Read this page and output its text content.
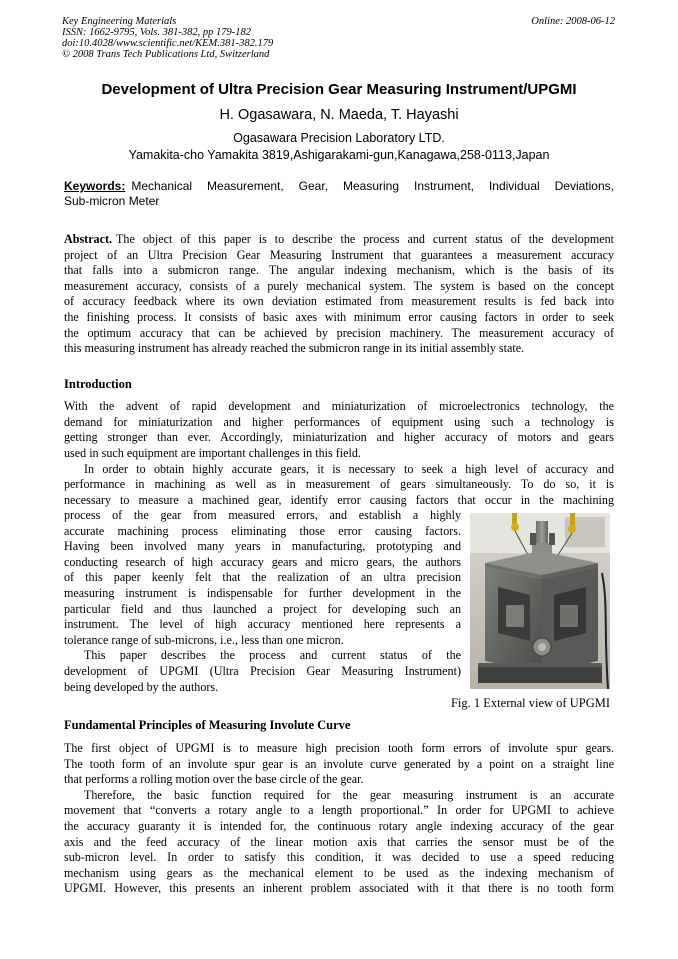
Key Engineering Materials
ISSN: 1662-9795, Vols. 381-382, pp 179-182
doi:10.4028/www.scientific.net/KEM.381-382.179
© 2008 Trans Tech Publications Ltd, Switzerland
Online: 2008-06-12
Development of Ultra Precision Gear Measuring Instrument/UPGMI
H. Ogasawara, N. Maeda, T. Hayashi
Ogasawara Precision Laboratory LTD.
Yamakita-cho Yamakita 3819,Ashigarakami-gun,Kanagawa,258-0113,Japan
Keywords: Mechanical Measurement, Gear, Measuring Instrument, Individual Deviations,
Sub-micron Meter
Abstract. The object of this paper is to describe the process and current status of the development
project of an Ultra Precision Gear Measuring Instrument that guarantees a measurement accuracy
that falls into a submicron range. The angular indexing mechanism, which is the basis of its
measurement accuracy, consists of a purely mechanical system. The system is based on the concept
of accuracy feedback where its own deviation estimated from measurement results is fed back into
the finishing process. It consists of basic axes with minimum error causing factors in order to seek
the optimum accuracy that can be achieved by precision machinery. The measurement accuracy of
this measuring instrument has already reached the submicron range in its initial assembly state.
Introduction
With the advent of rapid development and miniaturization of microelectronics technology, the
demand for miniaturization and higher performances of equipment using such a technology is
getting stronger than ever. Accordingly, miniaturization and higher accuracy of motors and gears
used in such equipment are important challenges in this field.
In order to obtain highly accurate gears, it is necessary to seek a high level of accuracy and
performance in machining as well as in measurement of gears simultaneously. To do so, it is
necessary to measure a machined gear, identify error causing factors that occur in the machining
process of the gear from measured errors, and establish a highly
accurate machining process eliminating those error causing factors.
Having been involved many years in manufacturing, prototyping and
conducting research of high accuracy gears and micro gears, the authors
of this paper keenly felt that the realization of an ultra precision
measuring instrument is indispensable for further development in the
particular field and thus launched a project for developing such an
instrument. The level of high accuracy mentioned here represents a
tolerance range of sub-microns, i.e., less than one micron.
This paper describes the process and current status of the
development of UPGMI (Ultra Precision Gear Measuring Instrument)
being developed by the authors.
Fig. 1 External view of UPGMI
Fundamental Principles of Measuring Involute Curve
The first object of UPGMI is to measure high precision tooth form errors of involute spur gears.
The tooth form of an involute spur gear is an involute curve generated by a point on a straight line
that performs a rolling motion over the base circle of the gear.
Therefore, the basic function required for the gear measuring instrument is an accurate
movement that “converts a rotary angle to a length proportional.” In order for UPGMI to achieve
the accuracy guaranty it is intended for, the continuous rotary angle indexing accuracy of the gear
axis and the feed accuracy of the linear motion axis that carries the sensor must be of the
sub-micron level. In order to satisfy this condition, it was decided to use a speed reducing
mechanism using gears as the mechanical element to be used as the indexing mechanism of
UPGMI. However, this presents an inherent problem associated with it that there is no tooth form
